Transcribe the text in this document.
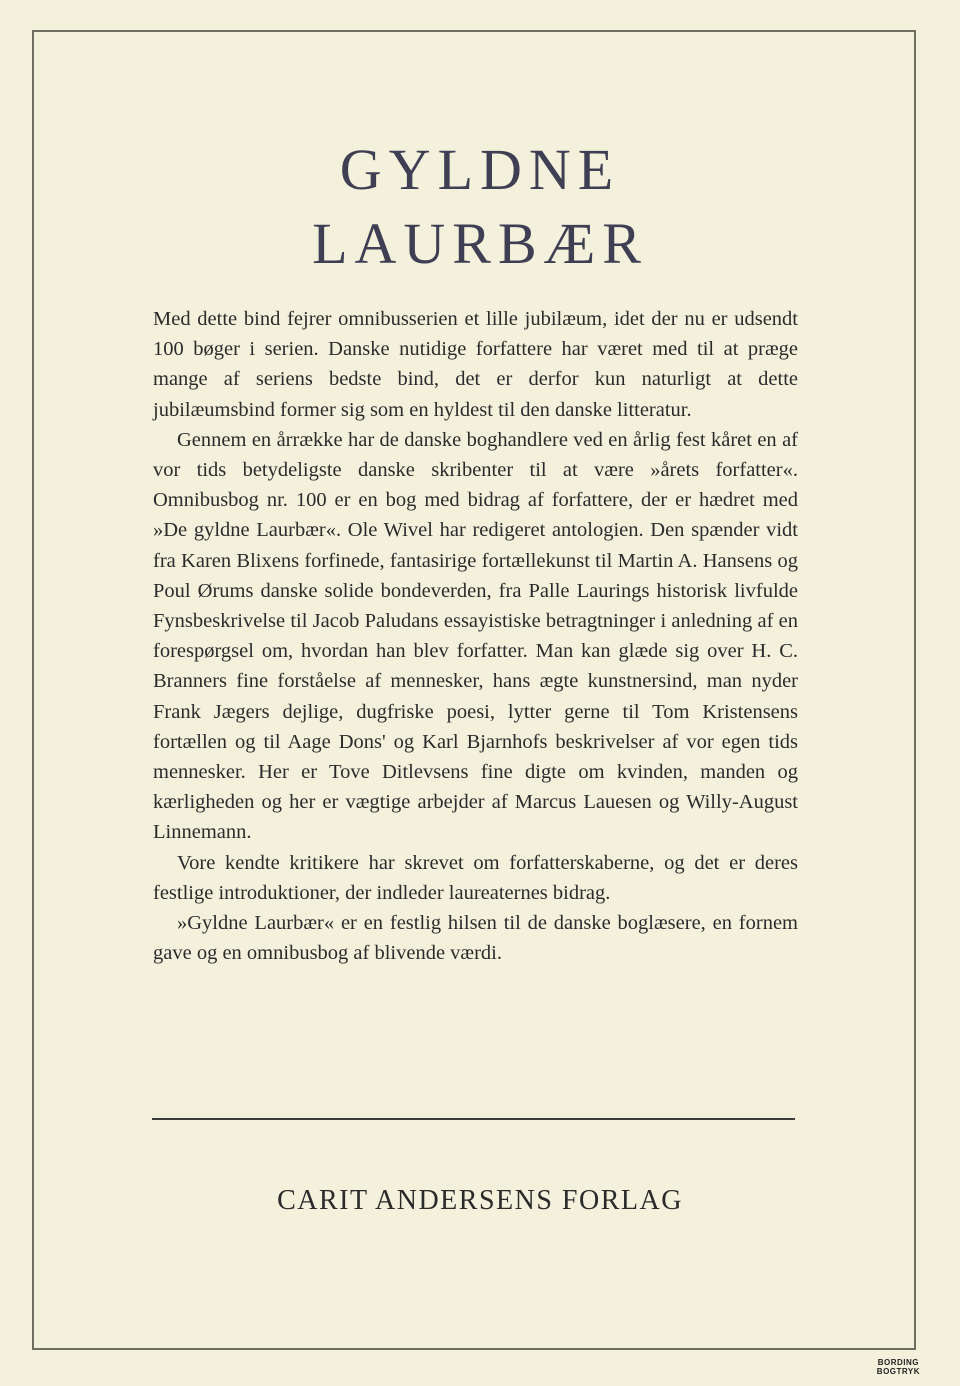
GYLDNE
LAURBÆR

Med dette bind fejrer omnibusserien et lille jubilæum, idet der nu er udsendt 100 bøger i serien. Danske nutidige forfattere har været med til at præge mange af seriens bedste bind, det er derfor kun naturligt at dette jubilæumsbind former sig som en hyldest til den danske litteratur.

Gennem en årrække har de danske boghandlere ved en årlig fest kåret en af vor tids betydeligste danske skribenter til at være »årets forfatter«. Omnibusbog nr. 100 er en bog med bidrag af forfattere, der er hædret med »De gyldne Laurbær«. Ole Wivel har redigeret antologien. Den spænder vidt fra Karen Blixens forfinede, fantasirige fortællekunst til Martin A. Hansens og Poul Ørums danske solide bondeverden, fra Palle Laurings historisk livfulde Fynsbeskrivelse til Jacob Paludans essayistiske betragtninger i anledning af en forespørgsel om, hvordan han blev forfatter. Man kan glæde sig over H. C. Branners fine forståelse af mennesker, hans ægte kunstnersind, man nyder Frank Jægers dejlige, dugfriske poesi, lytter gerne til Tom Kristensens fortællen og til Aage Dons' og Karl Bjarnhofs beskrivelser af vor egen tids mennesker. Her er Tove Ditlevsens fine digte om kvinden, manden og kærligheden og her er vægtige arbejder af Marcus Lauesen og Willy-August Linnemann.

Vore kendte kritikere har skrevet om forfatterskaberne, og det er deres festlige introduktioner, der indleder laureaternes bidrag.

»Gyldne Laurbær« er en festlig hilsen til de danske boglæsere, en fornem gave og en omnibusbog af blivende værdi.

CARIT ANDERSENS FORLAG
BORDING
BOGTRYK
